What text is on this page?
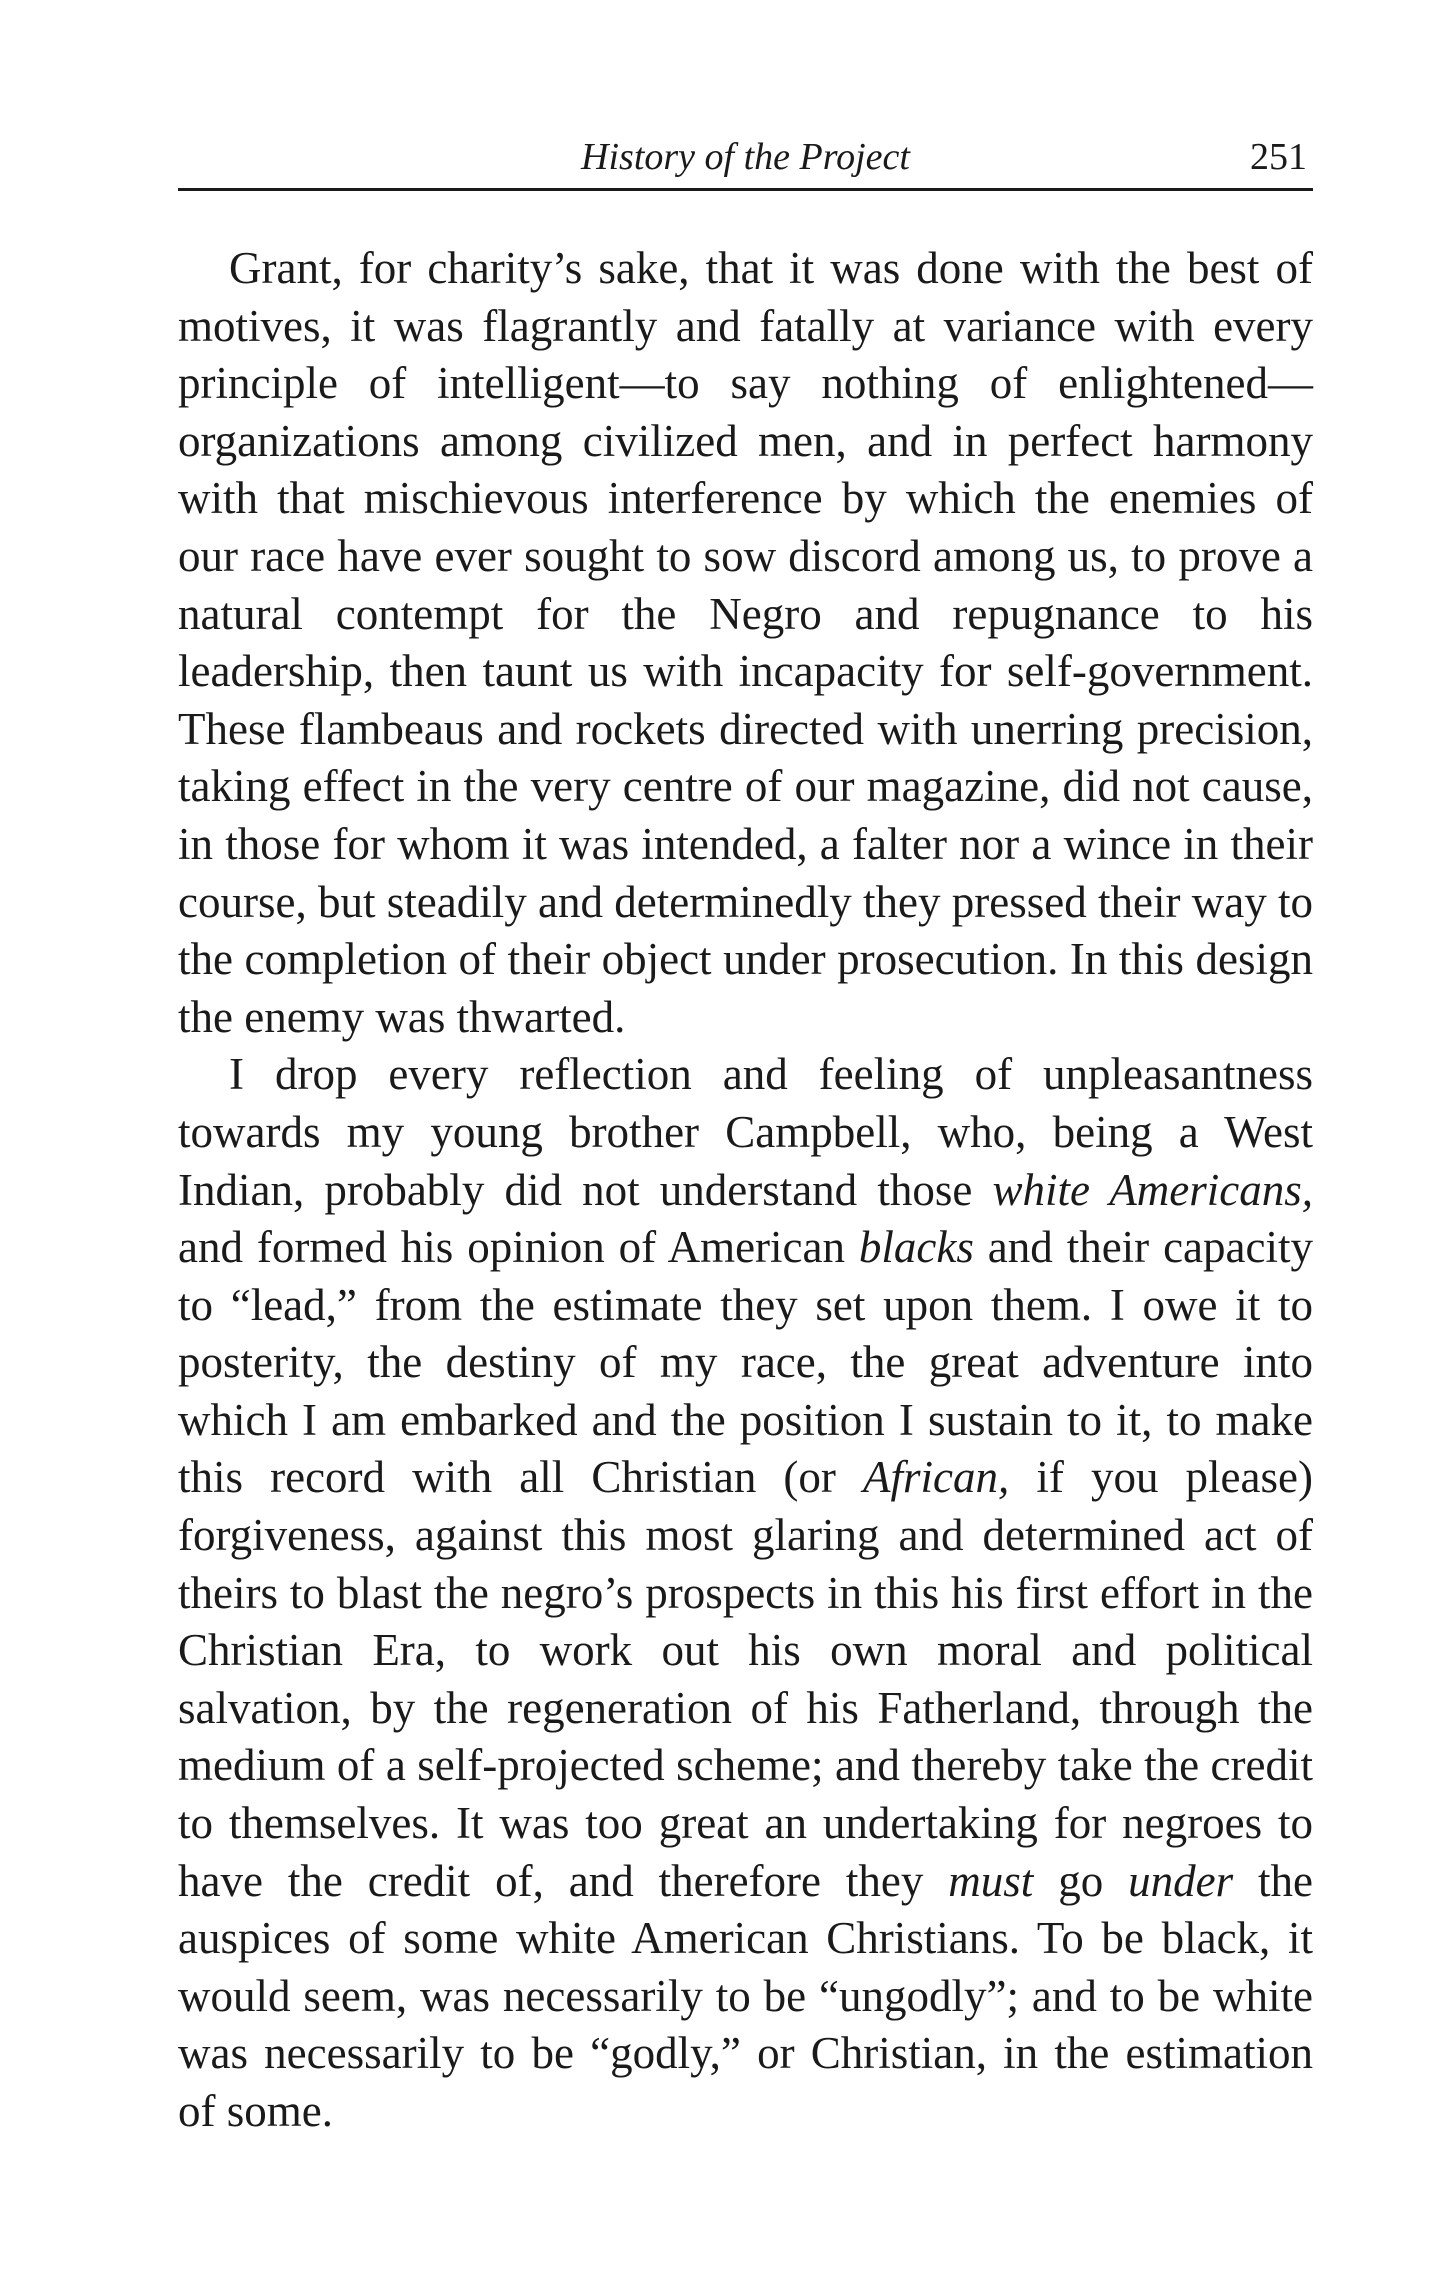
History of the Project	251

Grant, for charity’s sake, that it was done with the best of motives, it was flagrantly and fatally at variance with every principle of intelligent—to say nothing of enlightened—organizations among civilized men, and in perfect harmony with that mischievous interference by which the enemies of our race have ever sought to sow discord among us, to prove a natural contempt for the Negro and repugnance to his leadership, then taunt us with incapacity for self-government. These flambeaus and rockets directed with unerring precision, taking effect in the very centre of our magazine, did not cause, in those for whom it was intended, a falter nor a wince in their course, but steadily and determinedly they pressed their way to the completion of their object under prosecution. In this design the enemy was thwarted.

I drop every reflection and feeling of unpleasantness towards my young brother Campbell, who, being a West Indian, probably did not understand those white Americans, and formed his opinion of American blacks and their capacity to “lead,” from the estimate they set upon them. I owe it to posterity, the destiny of my race, the great adventure into which I am embarked and the position I sustain to it, to make this record with all Christian (or African, if you please) forgiveness, against this most glaring and determined act of theirs to blast the negro’s prospects in this his first effort in the Christian Era, to work out his own moral and political salvation, by the regeneration of his Fatherland, through the medium of a self-projected scheme; and thereby take the credit to themselves. It was too great an undertaking for negroes to have the credit of, and therefore they must go under the auspices of some white American Christians. To be black, it would seem, was necessarily to be “ungodly”; and to be white was necessarily to be “godly,” or Christian, in the estimation of some.
